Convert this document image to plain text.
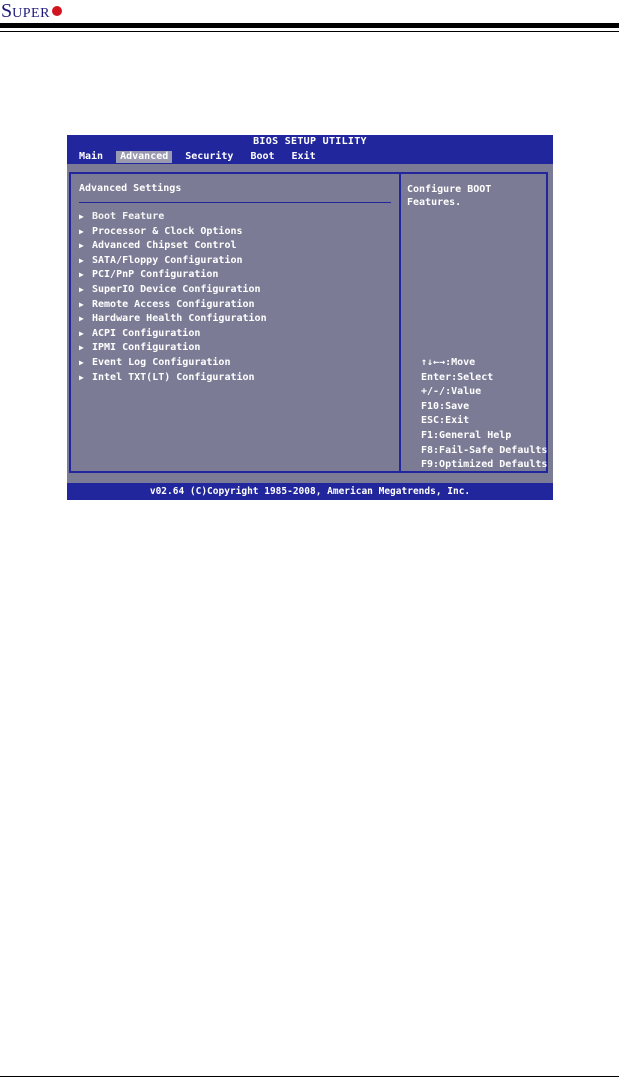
S UPER
BIOS SETUP UTILITY
Main	Advanced	Security	Boot	Exit
Advanced Settings
▶ Boot Feature
▶ Processor & Clock Options
▶ Advanced Chipset Control
▶ SATA/Floppy Configuration
▶ PCI/PnP Configuration
▶ SuperIO Device Configuration
▶ Remote Access Configuration
▶ Hardware Health Configuration
▶ ACPI Configuration
▶ IPMI Configuration
▶ Event Log Configuration
▶ Intel TXT(LT) Configuration
Configure BOOT Features.
↑↓←→:Move
Enter:Select
+/-/:Value
F10:Save
ESC:Exit
F1:General Help
F8:Fail-Safe Defaults
F9:Optimized Defaults
v02.64 (C)Copyright 1985-2008, American Megatrends, Inc.
